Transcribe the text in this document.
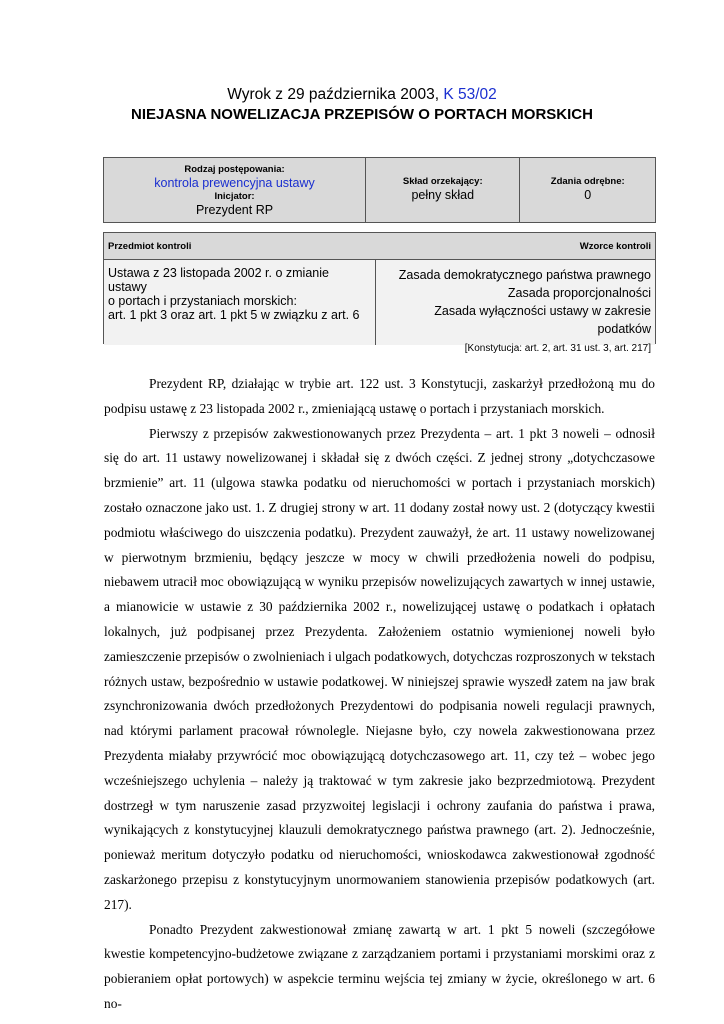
Wyrok z 29 października 2003, K 53/02
NIEJASNA NOWELIZACJA PRZEPISÓW O PORTACH MORSKICH
Rodzaj postępowania:
kontrola prewencyjna ustawy
Inicjator:
Prezydent RP
Skład orzekający:
pełny skład
Zdania odrębne:
0
Przedmiot kontroli	Wzorce kontroli
Ustawa z 23 listopada 2002 r. o zmianie ustawy
o portach i przystaniach morskich:
art. 1 pkt 3 oraz art. 1 pkt 5 w związku z art. 6
Zasada demokratycznego państwa prawnego
Zasada proporcjonalności
Zasada wyłączności ustawy w zakresie podatków
[Konstytucja: art. 2, art. 31 ust. 3, art. 217]

Prezydent RP, działając w trybie art. 122 ust. 3 Konstytucji, zaskarżył przedłożoną mu do podpisu ustawę z 23 listopada 2002 r., zmieniającą ustawę o portach i przystaniach morskich.

Pierwszy z przepisów zakwestionowanych przez Prezydenta – art. 1 pkt 3 noweli – odnosił się do art. 11 ustawy nowelizowanej i składał się z dwóch części. Z jednej strony „dotychczasowe brzmienie” art. 11 (ulgowa stawka podatku od nieruchomości w portach i przystaniach morskich) zostało oznaczone jako ust. 1. Z drugiej strony w art. 11 dodany został nowy ust. 2 (dotyczący kwestii podmiotu właściwego do uiszczenia podatku). Prezydent zauważył, że art. 11 ustawy nowelizowanej w pierwotnym brzmieniu, będący jeszcze w mocy w chwili przedłożenia noweli do podpisu, niebawem utracił moc obowiązującą w wyniku przepisów nowelizujących zawartych w innej ustawie, a mianowicie w ustawie z 30 października 2002 r., nowelizującej ustawę o podatkach i opłatach lokalnych, już podpisanej przez Prezydenta. Założeniem ostatnio wymienionej noweli było zamieszczenie przepisów o zwolnieniach i ulgach podatkowych, dotychczas rozproszonych w tekstach różnych ustaw, bezpośrednio w ustawie podatkowej. W niniejszej sprawie wyszedł zatem na jaw brak zsynchronizowania dwóch przedłożonych Prezydentowi do podpisania noweli regulacji prawnych, nad którymi parlament pracował równolegle. Niejasne było, czy nowela zakwestionowana przez Prezydenta miałaby przywrócić moc obowiązującą dotychczasowego art. 11, czy też – wobec jego wcześniejszego uchylenia – należy ją traktować w tym zakresie jako bezprzedmiotową. Prezydent dostrzegł w tym naruszenie zasad przyzwoitej legislacji i ochrony zaufania do państwa i prawa, wynikających z konstytucyjnej klauzuli demokratycznego państwa prawnego (art. 2). Jednocześnie, ponieważ meritum dotyczyło podatku od nieruchomości, wnioskodawca zakwestionował zgodność zaskarżonego przepisu z konstytucyjnym unormowaniem stanowienia przepisów podatkowych (art. 217).

Ponadto Prezydent zakwestionował zmianę zawartą w art. 1 pkt 5 noweli (szczegółowe kwestie kompetencyjno-budżetowe związane z zarządzaniem portami i przystaniami morskimi oraz z pobieraniem opłat portowych) w aspekcie terminu wejścia tej zmiany w życie, określonego w art. 6 no-
